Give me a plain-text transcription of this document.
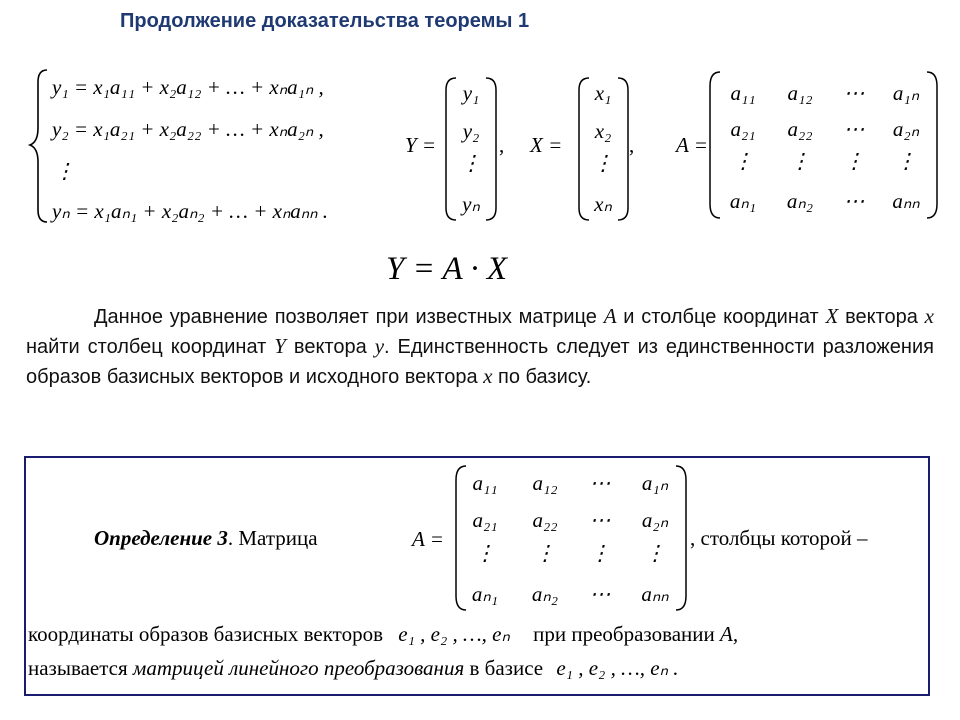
Продолжение доказательства теоремы 1
y₁ = x₁a₁₁ + x₂a₁₂ + … + xₙa₁ₙ ,
y₂ = x₁a₂₁ + x₂a₂₂ + … + xₙa₂ₙ ,
⋮
yₙ = x₁aₙ₁ + x₂aₙ₂ + … + xₙaₙₙ .
Y =
y₁
y₂
⋮
yₙ
, X =
x₁
x₂
⋮
xₙ
, A =
a₁₁ a₁₂ ⋯ a₁ₙ
a₂₁ a₂₂ ⋯ a₂ₙ
⋮ ⋮ ⋮ ⋮
aₙ₁ aₙ₂ ⋯ aₙₙ
Y = A · X
A =
a₁₁ a₁₂ ⋯ a₁ₙ
a₂₁ a₂₂ ⋯ a₂ₙ
⋮ ⋮ ⋮ ⋮
aₙ₁ aₙ₂ ⋯ aₙₙ
Данное уравнение позволяет при известных матрице A и столбце координат X вектора x найти столбец координат Y вектора y. Единственность следует из единственности разложения образов базисных векторов и исходного вектора x по базису.
Определение 3. Матрица	, столбцы которой –
координаты образов базисных векторов e₁ , e₂ , …, eₙ при преобразовании A,
называется матрицей линейного преобразования в базисе e₁ , e₂ , …, eₙ .
